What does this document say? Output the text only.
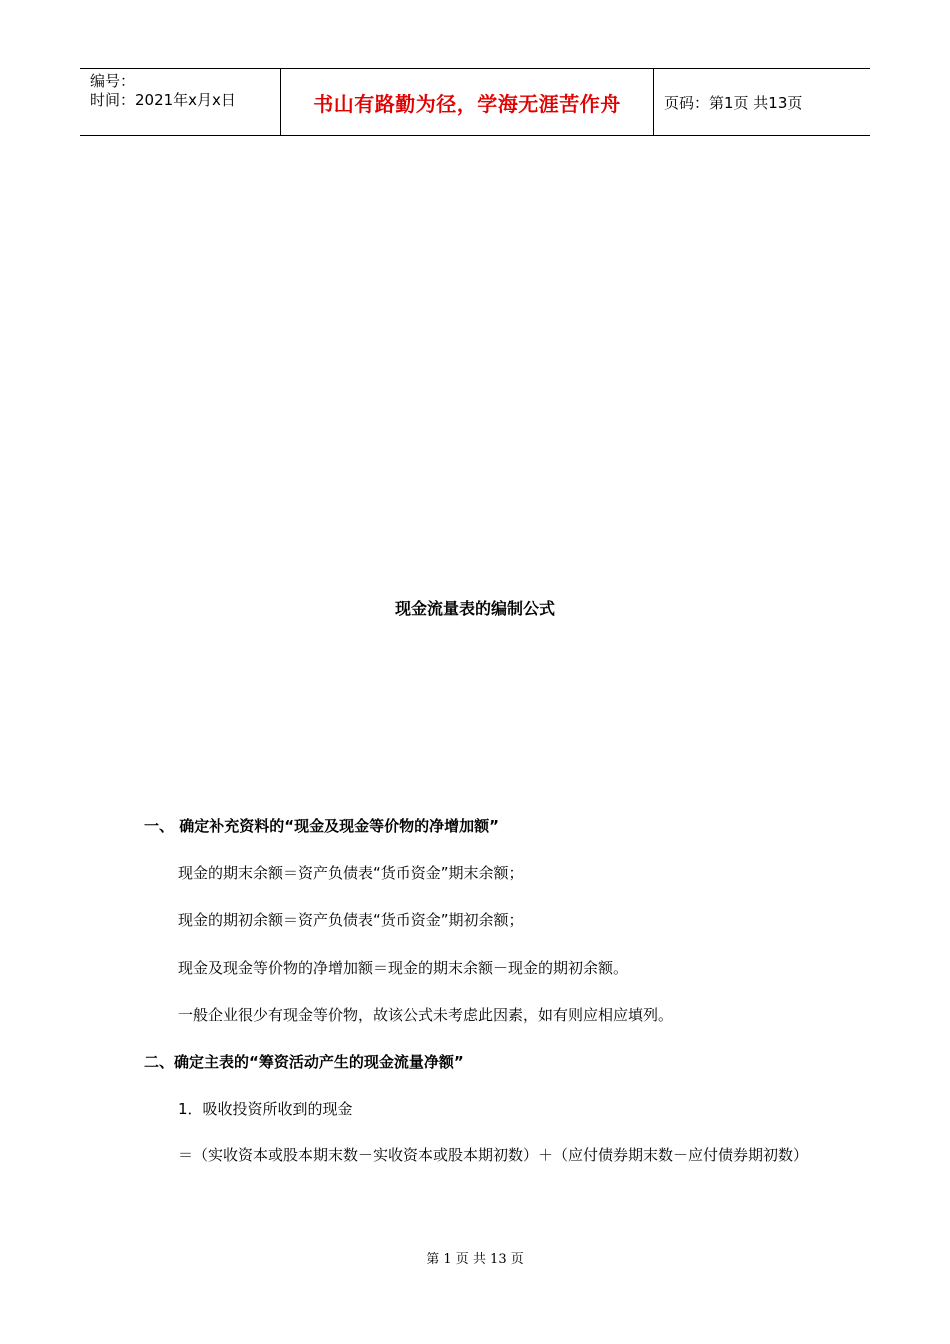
编号：
时间：2021年x月x日	书山有路勤为径，学海无涯苦作舟	页码：第1页 共13页
现金流量表的编制公式
一、 确定补充资料的“现金及现金等价物的净增加额”
现金的期末余额＝资产负债表“货币资金”期末余额；
现金的期初余额＝资产负债表“货币资金”期初余额；
现金及现金等价物的净增加额＝现金的期末余额－现金的期初余额。
一般企业很少有现金等价物，故该公式未考虑此因素，如有则应相应填列。
二、确定主表的“筹资活动产生的现金流量净额”
1．吸收投资所收到的现金
＝（实收资本或股本期末数－实收资本或股本期初数）＋（应付债券期末数－应付债券期初数）
第 1 页 共 13 页
